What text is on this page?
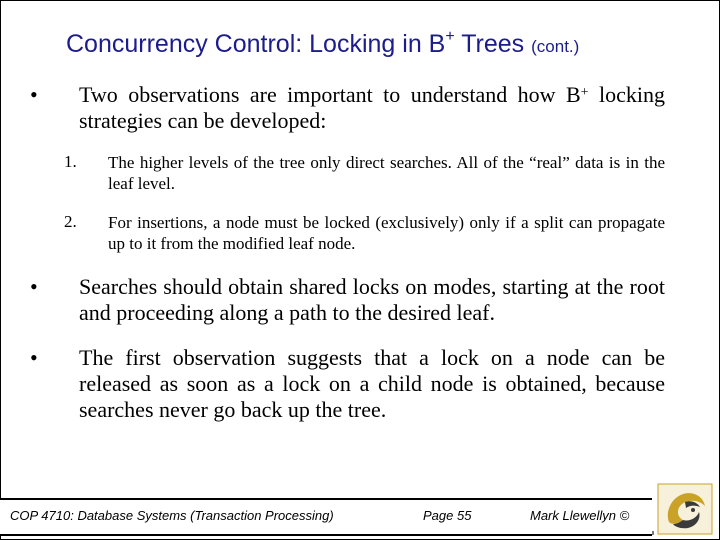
Concurrency Control: Locking in B+ Trees (cont.)
• Two observations are important to understand how B+ locking strategies can be developed:
1. The higher levels of the tree only direct searches. All of the “real” data is in the leaf level.
2. For insertions, a node must be locked (exclusively) only if a split can propagate up to it from the modified leaf node.
• Searches should obtain shared locks on modes, starting at the root and proceeding along a path to the desired leaf.
• The first observation suggests that a lock on a node can be released as soon as a lock on a child node is obtained, because searches never go back up the tree.
COP 4710: Database Systems (Transaction Processing)	Page 55	Mark Llewellyn ©
